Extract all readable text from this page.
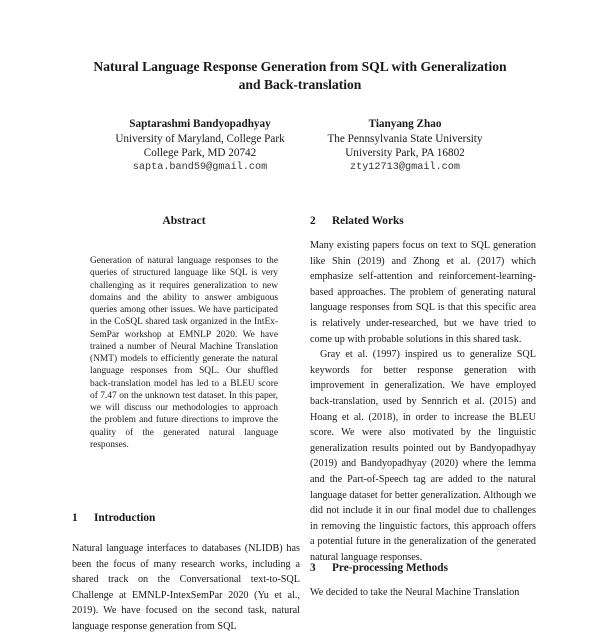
Natural Language Response Generation from SQL with Generalization
and Back-translation
Saptarashmi Bandyopadhyay
University of Maryland, College Park
College Park, MD 20742
sapta.band59@gmail.com
Tianyang Zhao
The Pennsylvania State University
University Park, PA 16802
zty12713@gmail.com
Abstract
Generation of natural language responses to the queries of structured language like SQL is very challenging as it requires generalization to new domains and the ability to answer ambiguous queries among other issues. We have participated in the CoSQL shared task organized in the IntEx-SemPar workshop at EMNLP 2020. We have trained a number of Neural Machine Translation (NMT) models to efficiently generate the natural language responses from SQL. Our shuffled back-translation model has led to a BLEU score of 7.47 on the unknown test dataset. In this paper, we will discuss our methodologies to approach the problem and future directions to improve the quality of the generated natural language responses.
1 Introduction

Natural language interfaces to databases (NLIDB) has been the focus of many research works, including a shared track on the Conversational text-to-SQL Challenge at EMNLP-IntexSemPar 2020 (Yu et al., 2019). We have focused on the second task, natural language response generation from SQL

2 Related Works

Many existing papers focus on text to SQL generation like Shin (2019) and Zhong et al. (2017) which emphasize self-attention and reinforcement-learning-based approaches. The problem of generating natural language responses from SQL is that this specific area is relatively under-researched, but we have tried to come up with probable solutions in this shared task.

Gray et al. (1997) inspired us to generalize SQL keywords for better response generation with improvement in generalization. We have employed back-translation, used by Sennrich et al. (2015) and Hoang et al. (2018), in order to increase the BLEU score. We were also motivated by the linguistic generalization results pointed out by Bandyopadhyay (2019) and Bandyopadhyay (2020) where the lemma and the Part-of-Speech tag are added to the natural language dataset for better generalization. Although we did not include it in our final model due to challenges in removing the linguistic factors, this approach offers a potential future in the generalization of the generated natural language responses.

3 Pre-processing Methods

We decided to take the Neural Machine Translation
